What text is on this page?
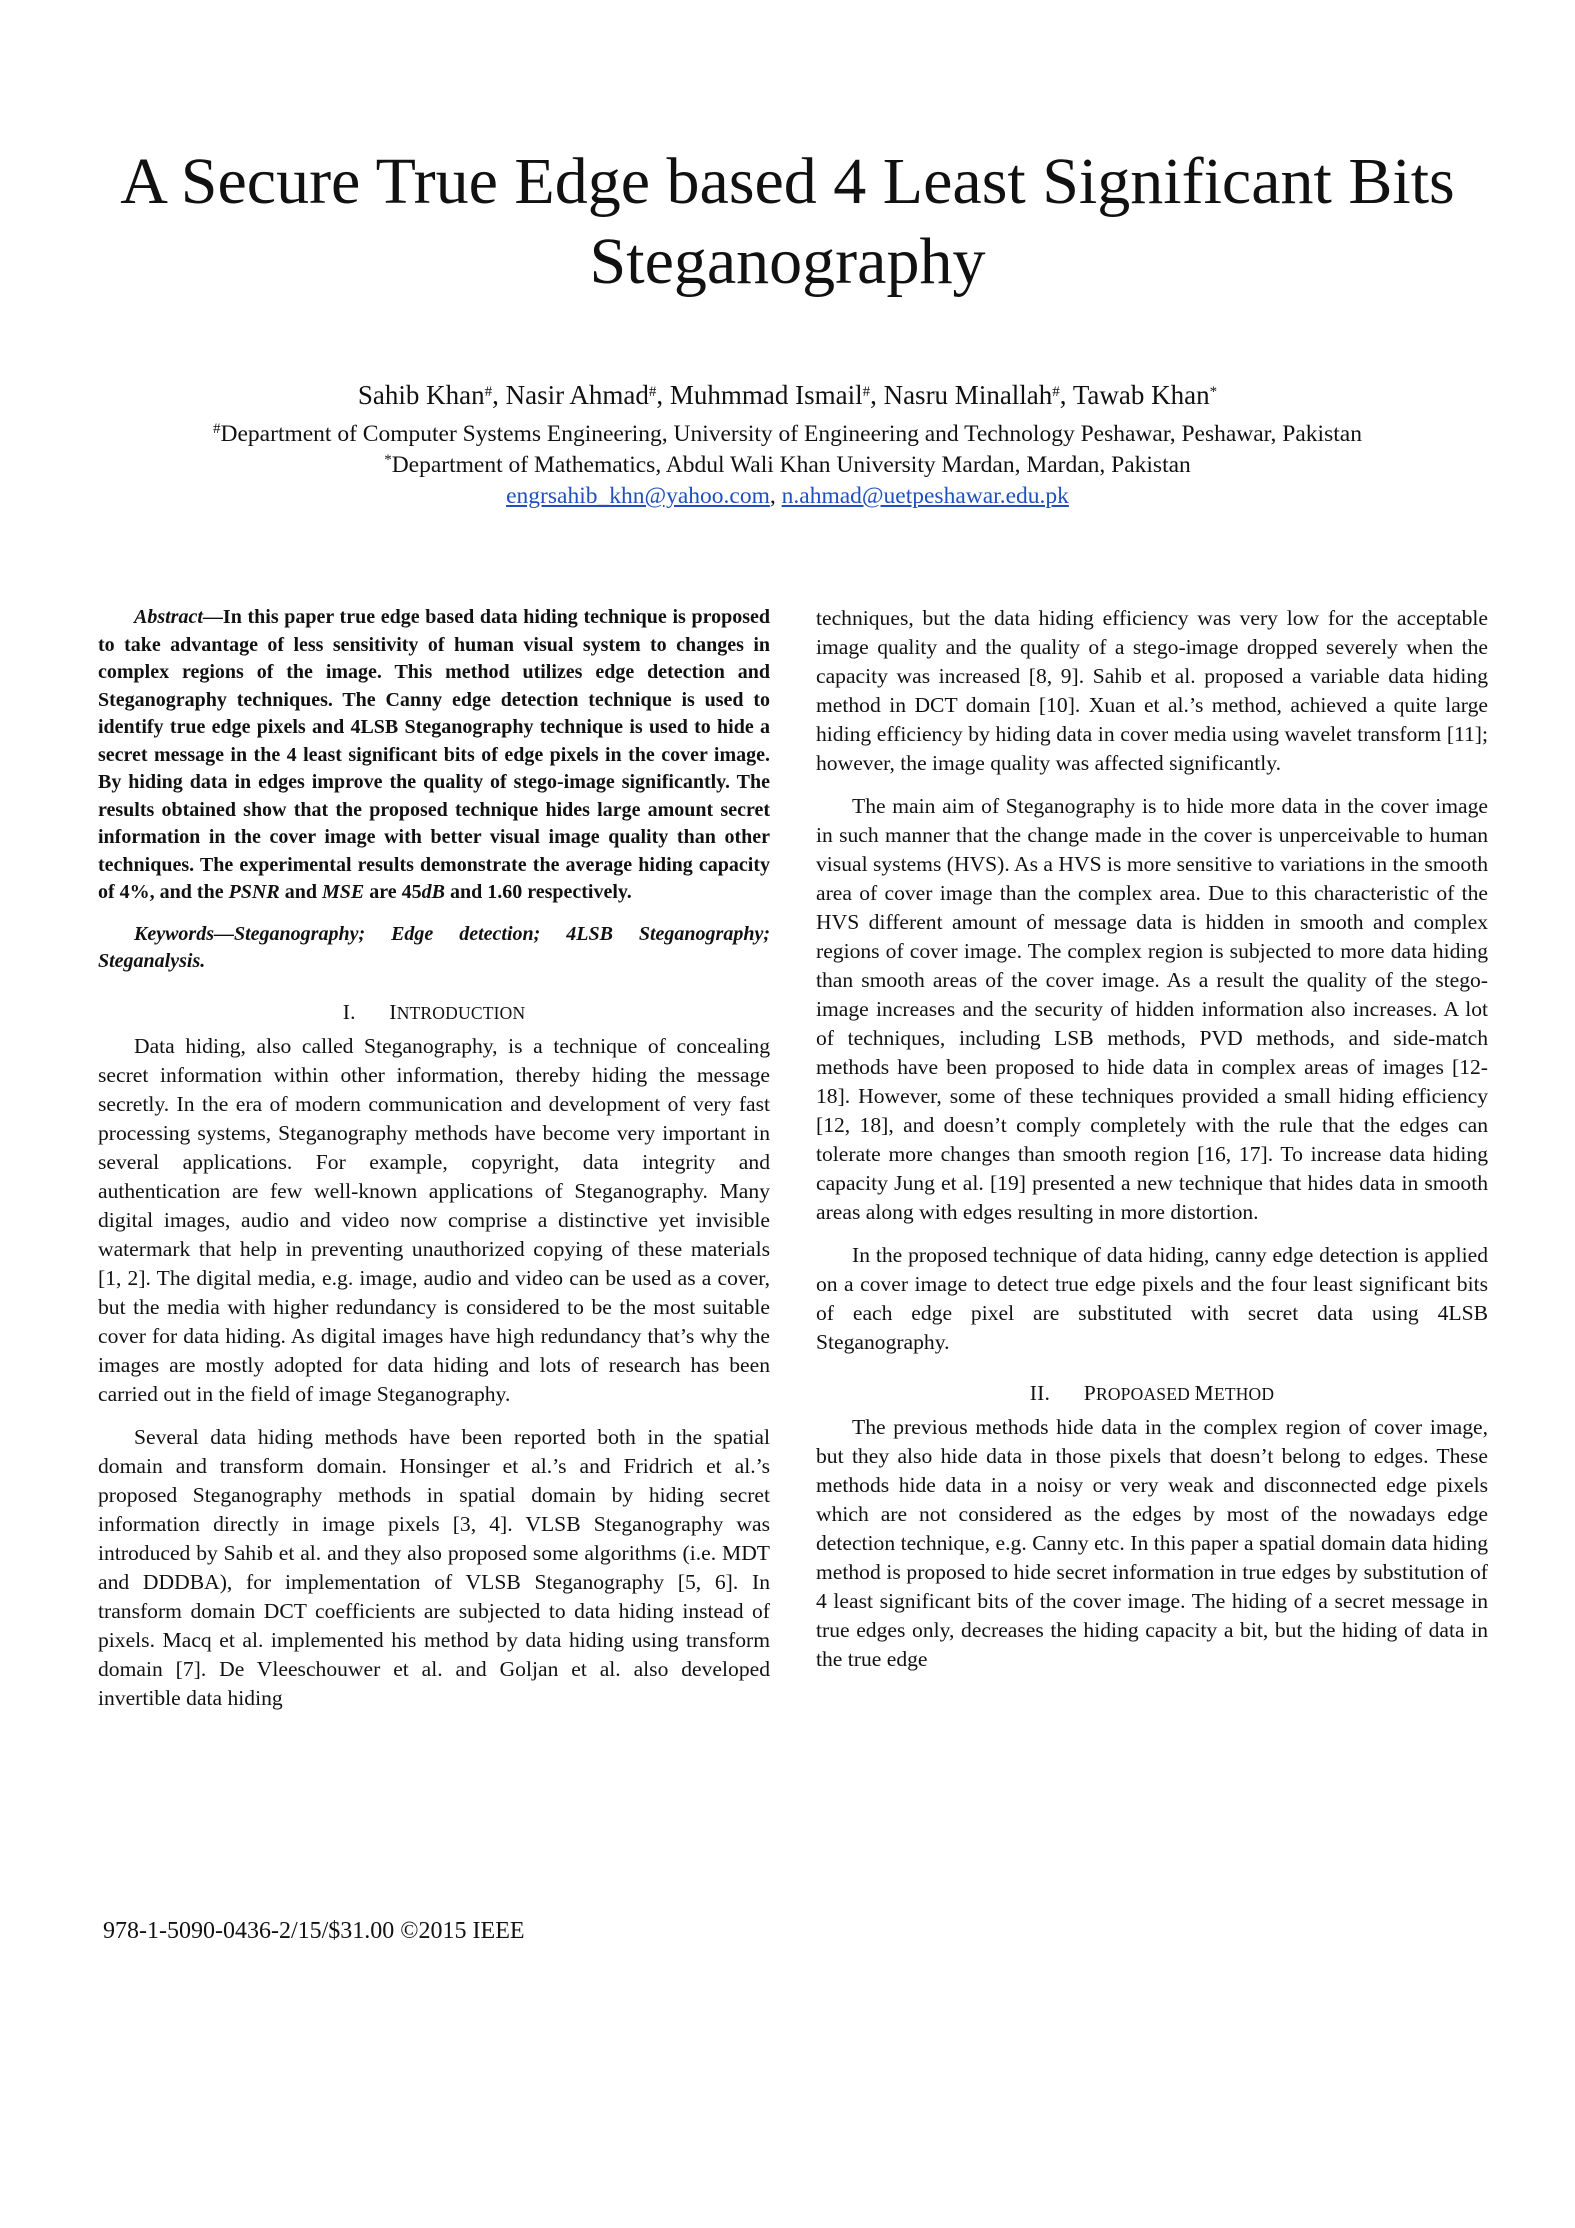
A Secure True Edge based 4 Least Significant Bits
Steganography
Sahib Khan#, Nasir Ahmad#, Muhmmad Ismail#, Nasru Minallah#, Tawab Khan*
#Department of Computer Systems Engineering, University of Engineering and Technology Peshawar, Peshawar, Pakistan
*Department of Mathematics, Abdul Wali Khan University Mardan, Mardan, Pakistan
engrsahib_khn@yahoo.com, n.ahmad@uetpeshawar.edu.pk

Abstract—In this paper true edge based data hiding technique is proposed to take advantage of less sensitivity of human visual system to changes in complex regions of the image. This method utilizes edge detection and Steganography techniques. The Canny edge detection technique is used to identify true edge pixels and 4LSB Steganography technique is used to hide a secret message in the 4 least significant bits of edge pixels in the cover image. By hiding data in edges improve the quality of stego-image significantly. The results obtained show that the proposed technique hides large amount secret information in the cover image with better visual image quality than other techniques. The experimental results demonstrate the average hiding capacity of 4%, and the PSNR and MSE are 45dB and 1.60 respectively.

Keywords—Steganography; Edge detection; 4LSB Steganography; Steganalysis.

I. INTRODUCTION

Data hiding, also called Steganography, is a technique of concealing secret information within other information, thereby hiding the message secretly. In the era of modern communication and development of very fast processing systems, Steganography methods have become very important in several applications. For example, copyright, data integrity and authentication are few well-known applications of Steganography. Many digital images, audio and video now comprise a distinctive yet invisible watermark that help in preventing unauthorized copying of these materials [1, 2]. The digital media, e.g. image, audio and video can be used as a cover, but the media with higher redundancy is considered to be the most suitable cover for data hiding. As digital images have high redundancy that’s why the images are mostly adopted for data hiding and lots of research has been carried out in the field of image Steganography.

Several data hiding methods have been reported both in the spatial domain and transform domain. Honsinger et al.’s and Fridrich et al.’s proposed Steganography methods in spatial domain by hiding secret information directly in image pixels [3, 4]. VLSB Steganography was introduced by Sahib et al. and they also proposed some algorithms (i.e. MDT and DDDBA), for implementation of VLSB Steganography [5, 6]. In transform domain DCT coefficients are subjected to data hiding instead of pixels. Macq et al. implemented his method by data hiding using transform domain [7]. De Vleeschouwer et al. and Goljan et al. also developed invertible data hiding

techniques, but the data hiding efficiency was very low for the acceptable image quality and the quality of a stego-image dropped severely when the capacity was increased [8, 9]. Sahib et al. proposed a variable data hiding method in DCT domain [10]. Xuan et al.’s method, achieved a quite large hiding efficiency by hiding data in cover media using wavelet transform [11]; however, the image quality was affected significantly.

The main aim of Steganography is to hide more data in the cover image in such manner that the change made in the cover is unperceivable to human visual systems (HVS). As a HVS is more sensitive to variations in the smooth area of cover image than the complex area. Due to this characteristic of the HVS different amount of message data is hidden in smooth and complex regions of cover image. The complex region is subjected to more data hiding than smooth areas of the cover image. As a result the quality of the stego-image increases and the security of hidden information also increases. A lot of techniques, including LSB methods, PVD methods, and side-match methods have been proposed to hide data in complex areas of images [12-18]. However, some of these techniques provided a small hiding efficiency [12, 18], and doesn’t comply completely with the rule that the edges can tolerate more changes than smooth region [16, 17]. To increase data hiding capacity Jung et al. [19] presented a new technique that hides data in smooth areas along with edges resulting in more distortion.

In the proposed technique of data hiding, canny edge detection is applied on a cover image to detect true edge pixels and the four least significant bits of each edge pixel are substituted with secret data using 4LSB Steganography.

II. PROPOASED METHOD

The previous methods hide data in the complex region of cover image, but they also hide data in those pixels that doesn’t belong to edges. These methods hide data in a noisy or very weak and disconnected edge pixels which are not considered as the edges by most of the nowadays edge detection technique, e.g. Canny etc. In this paper a spatial domain data hiding method is proposed to hide secret information in true edges by substitution of 4 least significant bits of the cover image. The hiding of a secret message in true edges only, decreases the hiding capacity a bit, but the hiding of data in the true edge

978-1-5090-0436-2/15/$31.00 ©2015 IEEE
